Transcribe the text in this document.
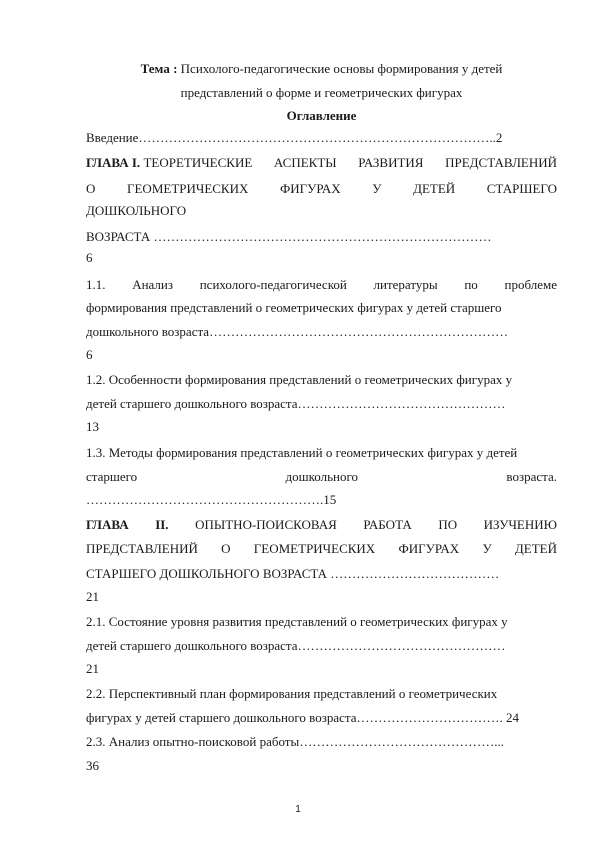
Тема : Психолого-педагогические основы формирования у детей
представлений о форме и геометрических фигурах
Оглавление
Введение………………………………………………………………………..2
ГЛАВА I. ТЕОРЕТИЧЕСКИЕ АСПЕКТЫ РАЗВИТИЯ ПРЕДСТАВЛЕНИЙ
О ГЕОМЕТРИЧЕСКИХ ФИГУРАХ У ДЕТЕЙ СТАРШЕГО
ДОШКОЛЬНОГО
ВОЗРАСТА ……………………………………………………………………
6
1.1. Анализ психолого-педагогической литературы по проблеме
формирования представлений о геометрических фигурах у детей старшего
дошкольного возраста……………………………………………………………
6
1.2. Особенности формирования представлений о геометрических фигурах у
детей старшего дошкольного возраста…………………………………………
13
1.3. Методы формирования представлений о геометрических фигурах у детей
старшего	дошкольного	возраста.
……………………………………………….15
ГЛАВА II. ОПЫТНО-ПОИСКОВАЯ РАБОТА ПО ИЗУЧЕНИЮ
ПРЕДСТАВЛЕНИЙ О ГЕОМЕТРИЧЕСКИХ ФИГУРАХ У ДЕТЕЙ
СТАРШЕГО ДОШКОЛЬНОГО ВОЗРАСТА …………………………………
21
2.1. Состояние уровня развития представлений о геометрических фигурах у
детей старшего дошкольного возраста…………………………………………
21
2.2. Перспективный план формирования представлений о геометрических
фигурах у детей старшего дошкольного возраста……………………………. 24
2.3. Анализ опытно-поисковой работы………………………………………...
36
1
